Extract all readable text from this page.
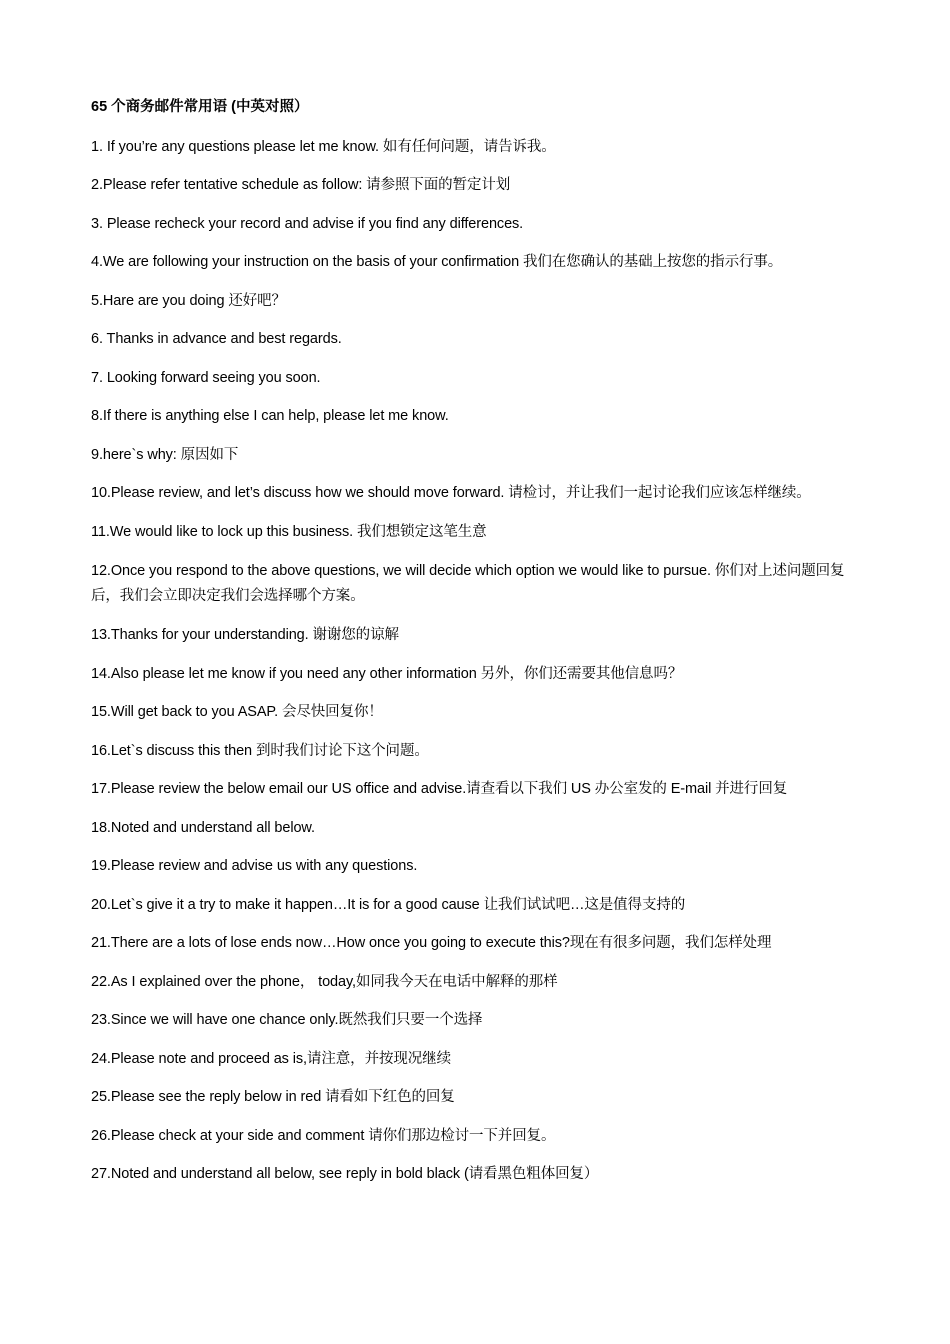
65 个商务邮件常用语 (中英对照）
1. If you’re any questions please let me know. 如有任何问题，请告诉我。
2.Please refer tentative schedule as follow: 请参照下面的暂定计划
3. Please recheck your record and advise if you find any differences.
4.We are following your instruction on the basis of your confirmation 我们在您确认的基础上按您的指示行事。
5.Hare are you doing 还好吧？
6. Thanks in advance and best regards.
7. Looking forward seeing you soon.
8.If there is anything else I can help, please let me know.
9.here`s why: 原因如下
10.Please review, and let’s discuss how we should move forward. 请检讨，并让我们一起讨论我们应该怎样继续。
11.We would like to lock up this business. 我们想锁定这笔生意
12.Once you respond to the above questions, we will decide which option we would like to pursue. 你们对上述问题回复后，我们会立即决定我们会选择哪个方案。
13.Thanks for your understanding. 谢谢您的谅解
14.Also please let me know if you need any other information 另外，你们还需要其他信息吗？
15.Will get back to you ASAP. 会尽快回复你！
16.Let`s discuss this then 到时我们讨论下这个问题。
17.Please review the below email our US office and advise.请查看以下我们 US 办公室发的 E-mail 并进行回复
18.Noted and understand all below.
19.Please review and advise us with any questions.
20.Let`s give it a try to make it happen…It is for a good cause 让我们试试吧…这是值得支持的
21.There are a lots of lose ends now…How once you going to execute this?现在有很多问题，我们怎样处理
22.As I explained over the phone， today,如同我今天在电话中解释的那样
23.Since we will have one chance only.既然我们只要一个选择
24.Please note and proceed as is,请注意，并按现况继续
25.Please see the reply below in red 请看如下红色的回复
26.Please check at your side and comment 请你们那边检讨一下并回复。
27.Noted and understand all below, see reply in bold black (请看黑色粗体回复）
